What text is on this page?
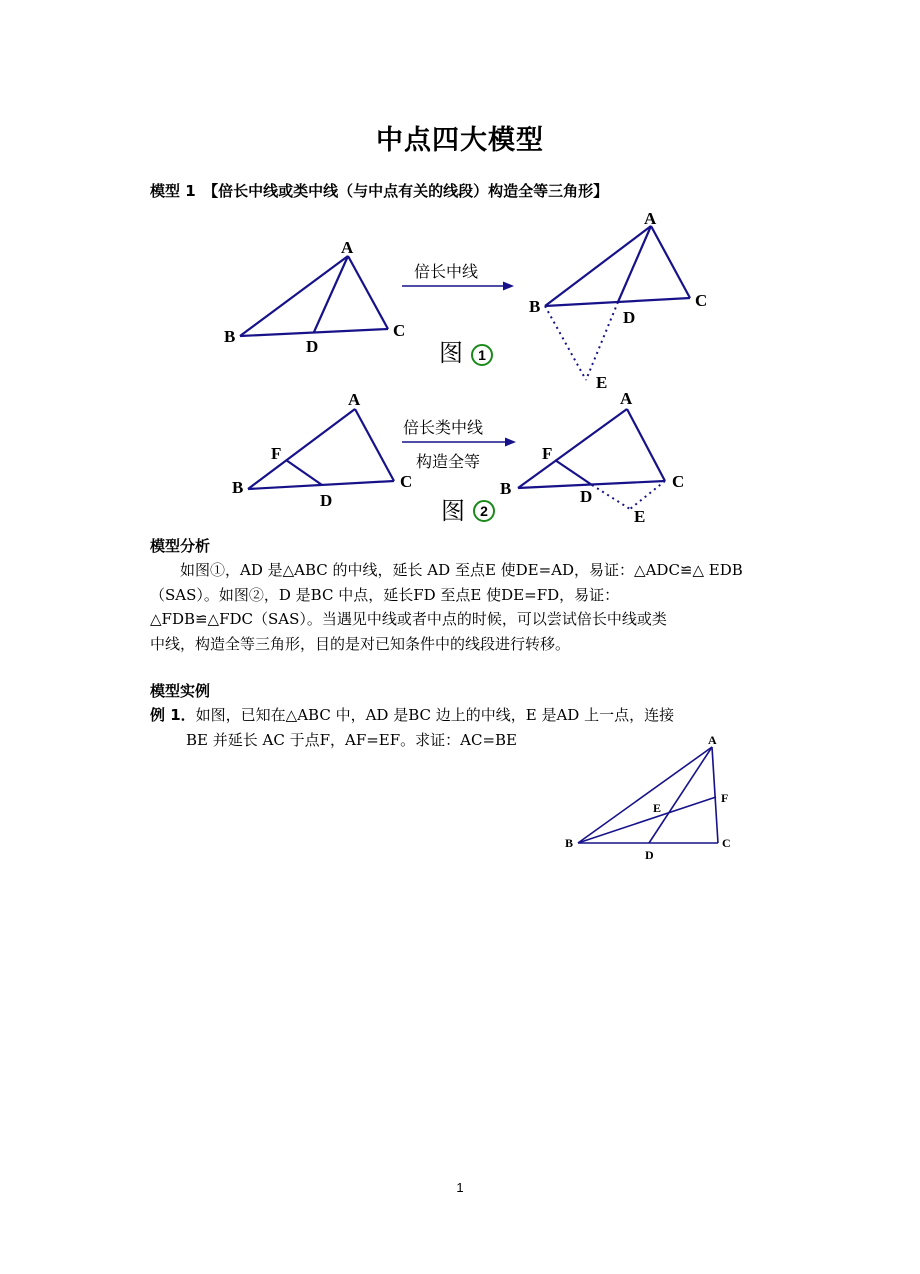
中点四大模型
模型 1　【倍长中线或类中线（与中点有关的线段）构造全等三角形】
A
B	C
D
倍长中线
图 1
A
B	C
D
E
A
B	C
D
F
倍长类中线
构造全等
图 2
A
B	C
D
E
F
模型分析
　　如图①，AD 是△ABC 的中线，延长 AD 至点E 使DE=AD，易证：△ADC≌△ EDB
（SAS）。如图②，D 是BC 中点，延长FD 至点E 使DE=FD，易证：
△FDB≌△FDC（SAS）。当遇见中线或者中点的时候，可以尝试倍长中线或类
中线，构造全等三角形，目的是对已知条件中的线段进行转移。
模型实例
例 1．如图，已知在△ABC 中，AD 是BC 边上的中线，E 是AD 上一点，连接
BE 并延长 AC 于点F，AF=EF。求证：AC=BE	A
B	C
D
E
F
1
